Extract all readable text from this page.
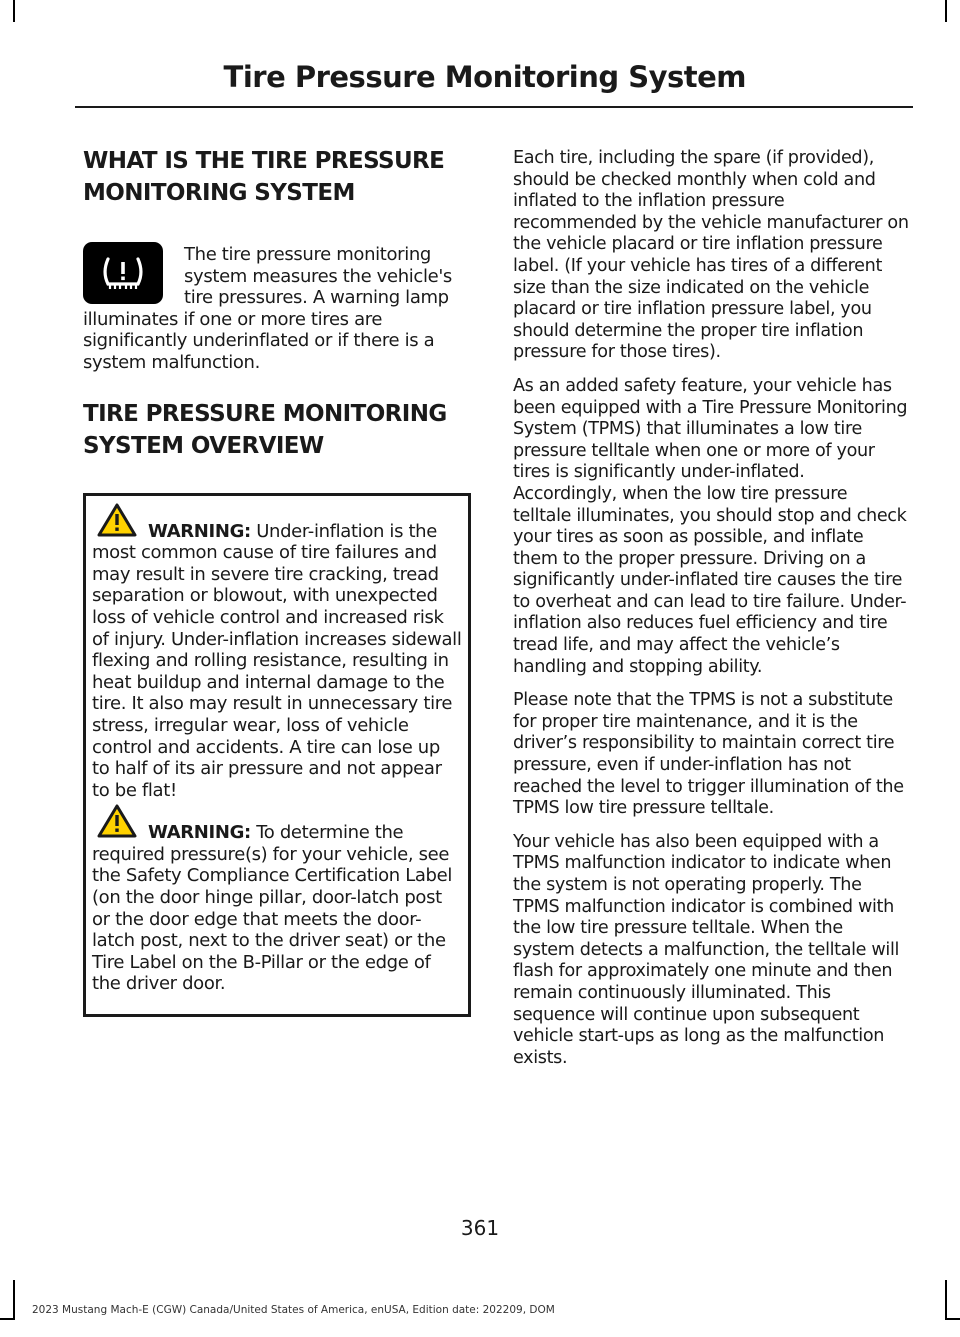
Tire Pressure Monitoring System
WHAT IS THE TIRE PRESSURE
MONITORING SYSTEM

The tire pressure monitoring system measures the vehicle's tire pressures. A warning lamp illuminates if one or more tires are significantly underinflated or if there is a system malfunction.

TIRE PRESSURE MONITORING
SYSTEM OVERVIEW

WARNING: Under-inflation is the most common cause of tire failures and may result in severe tire cracking, tread separation or blowout, with unexpected loss of vehicle control and increased risk of injury. Under-inflation increases sidewall flexing and rolling resistance, resulting in heat buildup and internal damage to the tire. It also may result in unnecessary tire stress, irregular wear, loss of vehicle control and accidents. A tire can lose up to half of its air pressure and not appear to be flat!

WARNING: To determine the required pressure(s) for your vehicle, see the Safety Compliance Certification Label (on the door hinge pillar, door-latch post or the door edge that meets the door-latch post, next to the driver seat) or the Tire Label on the B-Pillar or the edge of the driver door.

Each tire, including the spare (if provided), should be checked monthly when cold and inflated to the inflation pressure recommended by the vehicle manufacturer on the vehicle placard or tire inflation pressure label. (If your vehicle has tires of a different size than the size indicated on the vehicle placard or tire inflation pressure label, you should determine the proper tire inflation pressure for those tires).

As an added safety feature, your vehicle has been equipped with a Tire Pressure Monitoring System (TPMS) that illuminates a low tire pressure telltale when one or more of your tires is significantly under-inflated. Accordingly, when the low tire pressure telltale illuminates, you should stop and check your tires as soon as possible, and inflate them to the proper pressure. Driving on a significantly under-inflated tire causes the tire to overheat and can lead to tire failure. Under-inflation also reduces fuel efficiency and tire tread life, and may affect the vehicle’s handling and stopping ability.

Please note that the TPMS is not a substitute for proper tire maintenance, and it is the driver’s responsibility to maintain correct tire pressure, even if under-inflation has not reached the level to trigger illumination of the TPMS low tire pressure telltale.

Your vehicle has also been equipped with a TPMS malfunction indicator to indicate when the system is not operating properly. The TPMS malfunction indicator is combined with the low tire pressure telltale. When the system detects a malfunction, the telltale will flash for approximately one minute and then remain continuously illuminated. This sequence will continue upon subsequent vehicle start-ups as long as the malfunction exists.

361
2023 Mustang Mach-E (CGW) Canada/United States of America, enUSA, Edition date: 202209, DOM
